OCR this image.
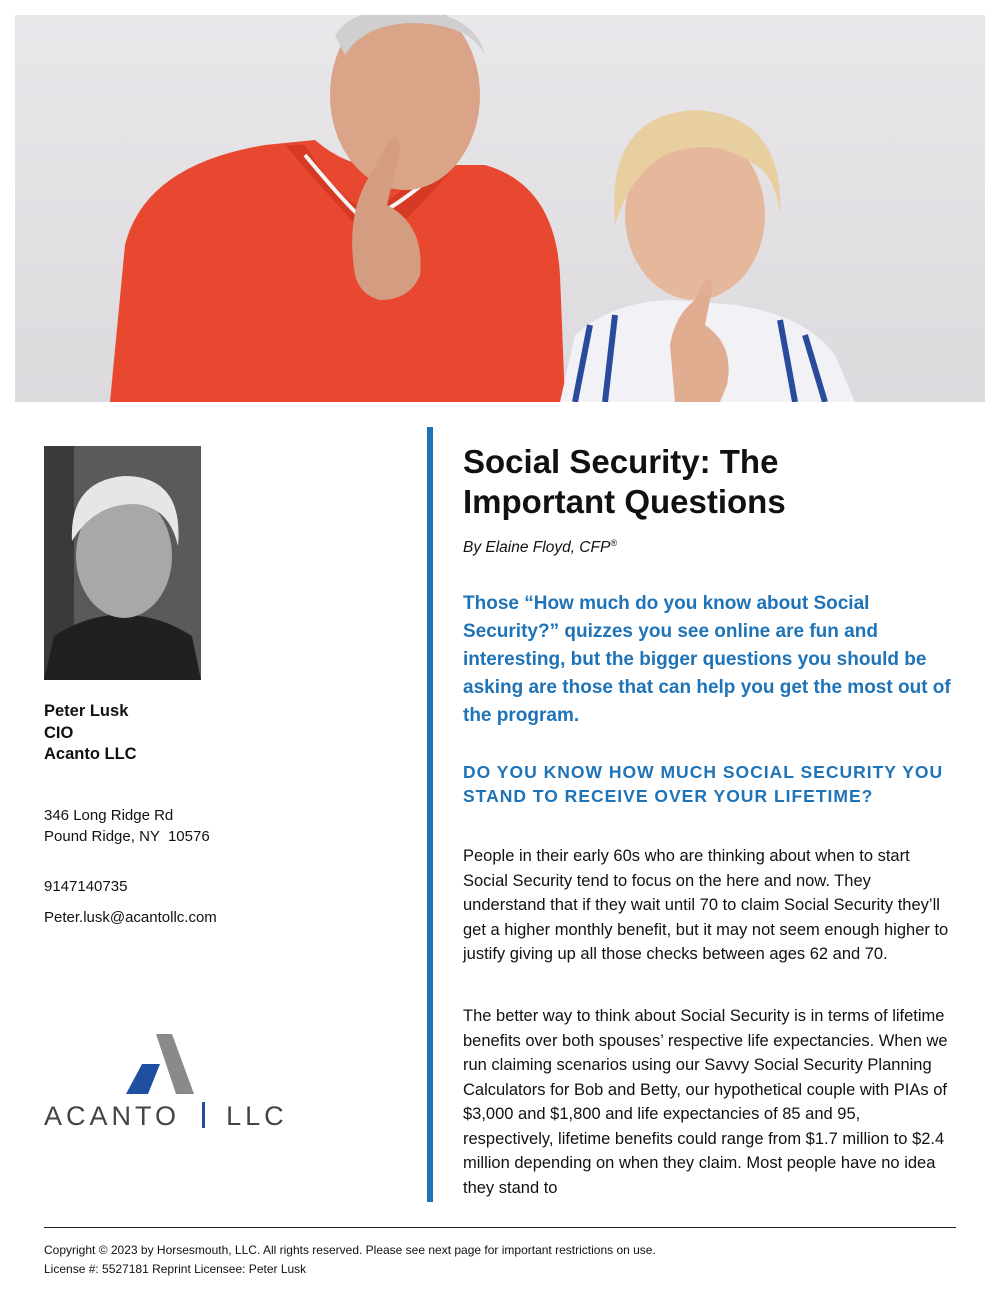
Peter Lusk
CIO
Acanto LLC
346 Long Ridge Rd
Pound Ridge, NY  10576
9147140735
Peter.lusk@acantollc.com
ACANTO LLC
Social Security: The
Important Questions
By Elaine Floyd, CFP®
Those “How much do you know about Social Security?” quizzes you see online are fun and interesting, but the bigger questions you should be asking are those that can help you get the most out of the program.
DO YOU KNOW HOW MUCH SOCIAL SECURITY YOU STAND TO RECEIVE OVER YOUR LIFETIME?

People in their early 60s who are thinking about when to start Social Security tend to focus on the here and now. They understand that if they wait until 70 to claim Social Security they’ll get a higher monthly benefit, but it may not seem enough higher to justify giving up all those checks between ages 62 and 70.

The better way to think about Social Security is in terms of lifetime benefits over both spouses’ respective life expectancies. When we run claiming scenarios using our Savvy Social Security Planning Calculators for Bob and Betty, our hypothetical couple with PIAs of $3,000 and $1,800 and life expectancies of 85 and 95, respectively, lifetime benefits could range from $1.7 million to $2.4 million depending on when they claim. Most people have no idea they stand to

Copyright © 2023 by Horsesmouth, LLC. All rights reserved. Please see next page for important restrictions on use.
License #: 5527181 Reprint Licensee: Peter Lusk
